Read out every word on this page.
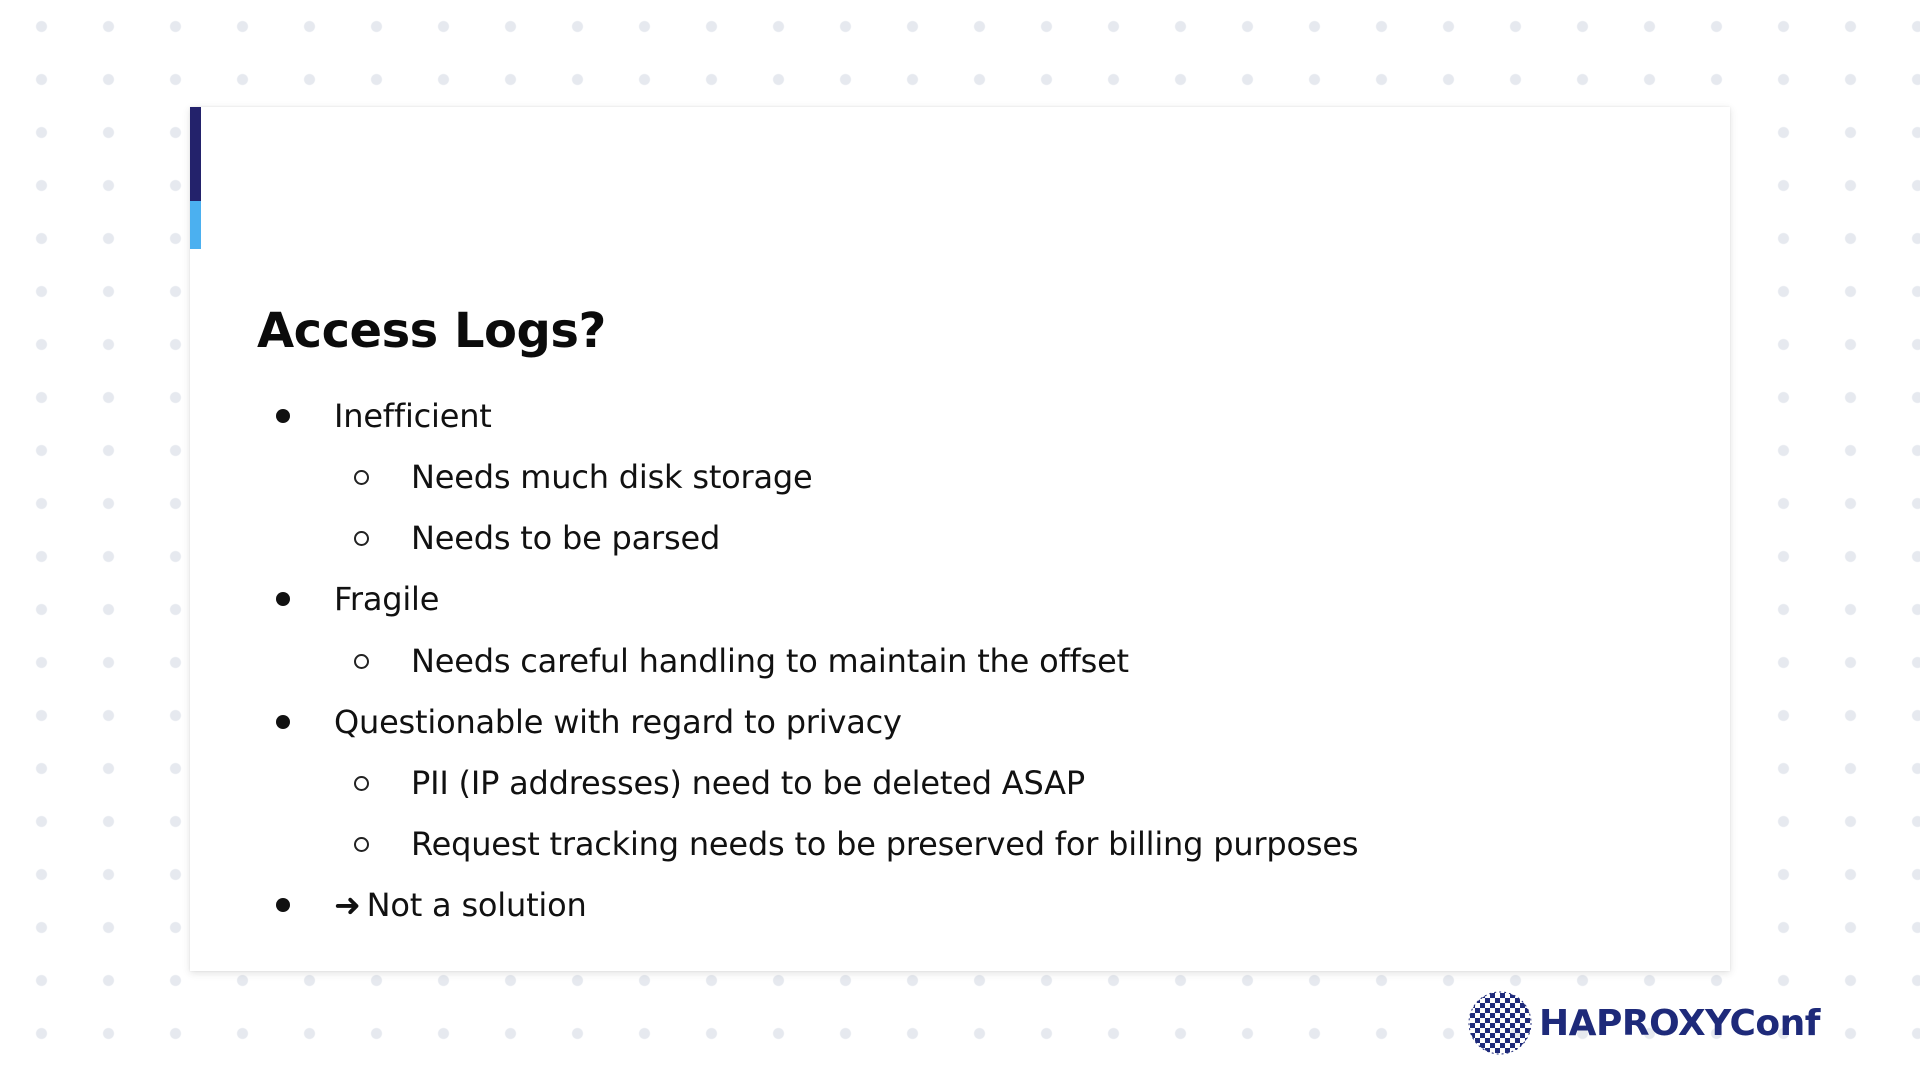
Access Logs?
Inefficient
Needs much disk storage
Needs to be parsed
Fragile
Needs careful handling to maintain the offset
Questionable with regard to privacy
PII (IP addresses) need to be deleted ASAP
Request tracking needs to be preserved for billing purposes
➜ Not a solution
HAPROXYConf
